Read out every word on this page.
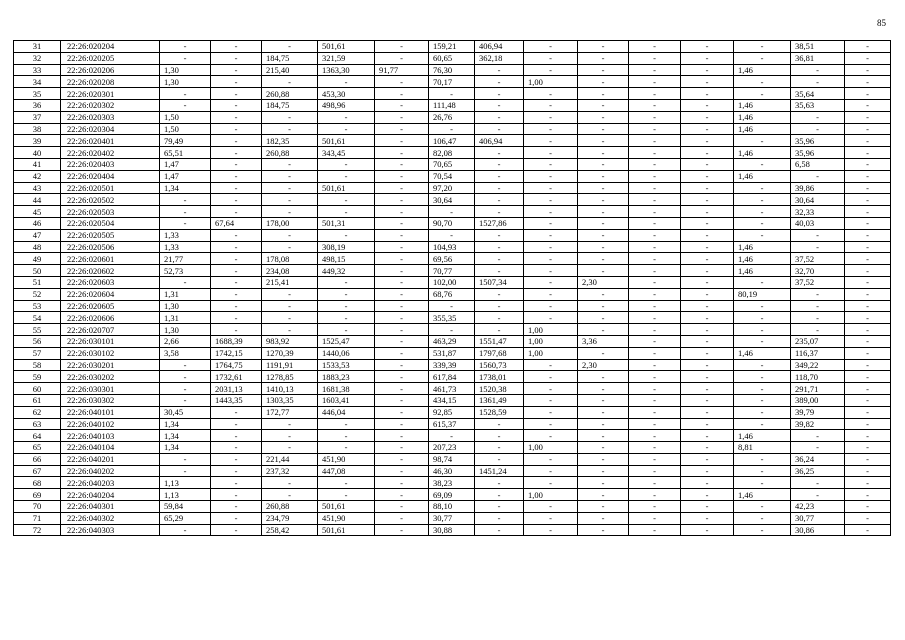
85
31	22:26:020204	-	-	-	501,61	-	159,21	406,94	-	-	-	-	-	38,51	-
32	22:26:020205	-	-	184,75	321,59	-	60,65	362,18	-	-	-	-	-	36,81	-
33	22:26:020206	1,30	-	215,40	1363,30	91,77	76,30	-	-	-	-	-	1,46	-	-
34	22:26:020208	1,30	-	-	-	-	70,17	-	1,00	-	-	-	-	-	-
35	22:26:020301	-	-	260,88	453,30	-	-	-	-	-	-	-	-	35,64	-
36	22:26:020302	-	-	184,75	498,96	-	111,48	-	-	-	-	-	1,46	35,63	-
37	22:26:020303	1,50	-	-	-	-	26,76	-	-	-	-	-	1,46	-	-
38	22:26:020304	1,50	-	-	-	-	-	-	-	-	-	-	1,46	-	-
39	22:26:020401	79,49	-	182,35	501,61	-	106,47	406,94	-	-	-	-	-	35,96	-
40	22:26:020402	65,51	-	260,88	343,45	-	82,08	-	-	-	-	-	1,46	35,96	-
41	22:26:020403	1,47	-	-	-	-	70,65	-	-	-	-	-	-	6,58	-
42	22:26:020404	1,47	-	-	-	-	70,54	-	-	-	-	-	1,46	-	-
43	22:26:020501	1,34	-	-	501,61	-	97,20	-	-	-	-	-	-	39,86	-
44	22:26:020502	-	-	-	-	-	30,64	-	-	-	-	-	-	30,64	-
45	22:26:020503	-	-	-	-	-	-	-	-	-	-	-	-	32,33	-
46	22:26:020504	-	67,64	178,00	501,31	-	90,70	1527,86	-	-	-	-	-	40,03	-
47	22:26:020505	1,33	-	-	-	-	-	-	-	-	-	-	-	-	-
48	22:26:020506	1,33	-	-	308,19	-	104,93	-	-	-	-	-	1,46	-	-
49	22:26:020601	21,77	-	178,08	498,15	-	69,56	-	-	-	-	-	1,46	37,52	-
50	22:26:020602	52,73	-	234,08	449,32	-	70,77	-	-	-	-	-	1,46	32,70	-
51	22:26:020603	-	-	215,41	-	-	102,00	1507,34	-	2,30	-	-	-	37,52	-
52	22:26:020604	1,31	-	-	-	-	68,76	-	-	-	-	-	80,19	-	-
53	22:26:020605	1,30	-	-	-	-	-	-	-	-	-	-	-	-	-
54	22:26:020606	1,31	-	-	-	-	355,35	-	-	-	-	-	-	-	-
55	22:26:020707	1,30	-	-	-	-	-	-	1,00	-	-	-	-	-	-
56	22:26:030101	2,66	1688,39	983,92	1525,47	-	463,29	1551,47	1,00	3,36	-	-	-	235,07	-
57	22:26:030102	3,58	1742,15	1270,39	1440,06	-	531,87	1797,68	1,00	-	-	-	1,46	116,37	-
58	22:26:030201	-	1764,75	1191,91	1533,53	-	339,39	1560,73	-	2,30	-	-	-	349,22	-
59	22:26:030202	-	1732,61	1278,85	1883,23	-	617,84	1738,01	-	-	-	-	-	118,70	-
60	22:26:030301	-	2031,13	1410,13	1681,38	-	461,73	1520,38	-	-	-	-	-	291,71	-
61	22:26:030302	-	1443,35	1303,35	1603,41	-	434,15	1361,49	-	-	-	-	-	389,00	-
62	22:26:040101	30,45	-	172,77	446,04	-	92,85	1528,59	-	-	-	-	-	39,79	-
63	22:26:040102	1,34	-	-	-	-	615,37	-	-	-	-	-	-	39,82	-
64	22:26:040103	1,34	-	-	-	-	-	-	-	-	-	-	1,46	-	-
65	22:26:040104	1,34	-	-	-	-	207,23	-	1,00	-	-	-	8,81	-	-
66	22:26:040201	-	-	221,44	451,90	-	98,74	-	-	-	-	-	-	36,24	-
67	22:26:040202	-	-	237,32	447,08	-	46,30	1451,24	-	-	-	-	-	36,25	-
68	22:26:040203	1,13	-	-	-	-	38,23	-	-	-	-	-	-	-	-
69	22:26:040204	1,13	-	-	-	-	69,09	-	1,00	-	-	-	1,46	-	-
70	22:26:040301	59,84	-	260,88	501,61	-	88,10	-	-	-	-	-	-	42,23	-
71	22:26:040302	65,29	-	234,79	451,90	-	30,77	-	-	-	-	-	-	30,77	-
72	22:26:040303	-	-	258,42	501,61	-	30,88	-	-	-	-	-	-	30,86	-
